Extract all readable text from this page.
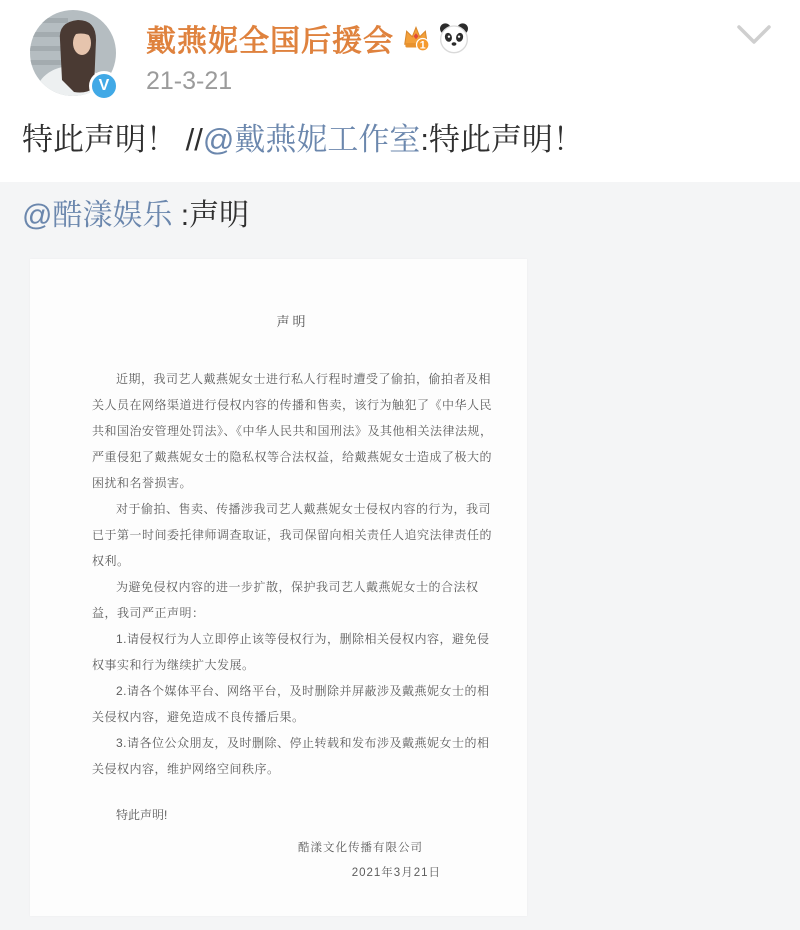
V
戴燕妮全国后援会	1
21-3-21
特此声明！ //@戴燕妮工作室:特此声明！
@酷漾娱乐 :声明
声明

近期，我司艺人戴燕妮女士进行私人行程时遭受了偷拍，偷拍者及相关人员在网络渠道进行侵权内容的传播和售卖，该行为触犯了《中华人民共和国治安管理处罚法》、《中华人民共和国刑法》及其他相关法律法规，严重侵犯了戴燕妮女士的隐私权等合法权益，给戴燕妮女士造成了极大的困扰和名誉损害。

对于偷拍、售卖、传播涉我司艺人戴燕妮女士侵权内容的行为，我司已于第一时间委托律师调查取证，我司保留向相关责任人追究法律责任的权利。

为避免侵权内容的进一步扩散，保护我司艺人戴燕妮女士的合法权益，我司严正声明：

1.请侵权行为人立即停止该等侵权行为，删除相关侵权内容，避免侵权事实和行为继续扩大发展。

2.请各个媒体平台、网络平台，及时删除并屏蔽涉及戴燕妮女士的相关侵权内容，避免造成不良传播后果。

3.请各位公众朋友，及时删除、停止转载和发布涉及戴燕妮女士的相关侵权内容，维护网络空间秩序。

特此声明!
酷漾文化传播有限公司
2021年3月21日
